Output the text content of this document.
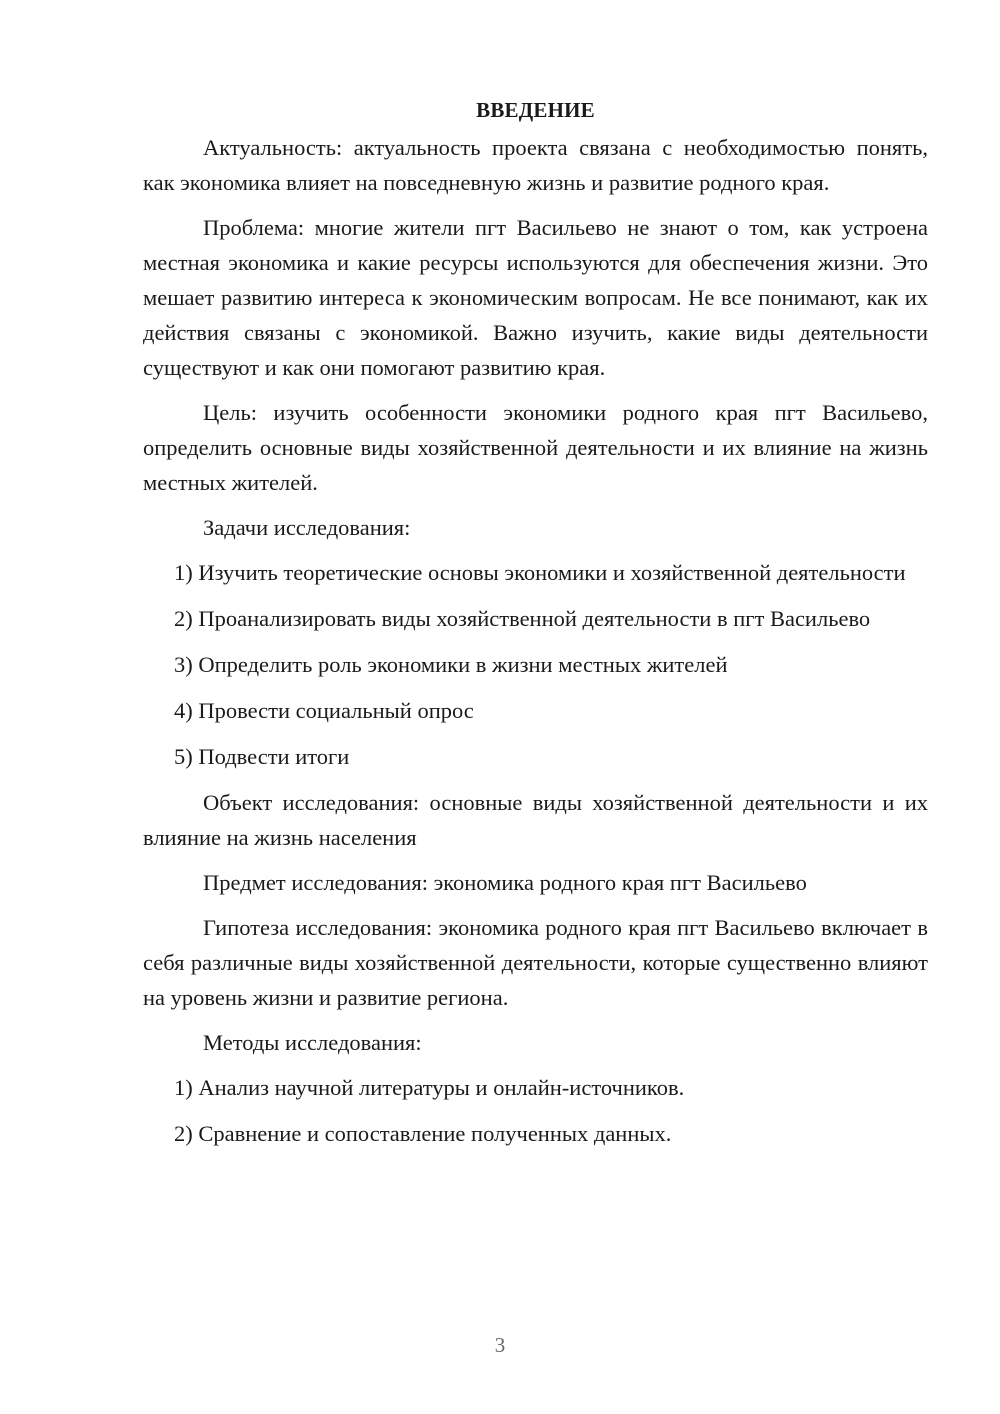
ВВЕДЕНИЕ

Актуальность: актуальность проекта связана с необходимостью понять, как экономика влияет на повседневную жизнь и развитие родного края.

Проблема: многие жители пгт Васильево не знают о том, как устроена местная экономика и какие ресурсы используются для обеспечения жизни. Это мешает развитию интереса к экономическим вопросам. Не все понимают, как их действия связаны с экономикой. Важно изучить, какие виды деятельности существуют и как они помогают развитию края.

Цель: изучить особенности экономики родного края пгт Васильево, определить основные виды хозяйственной деятельности и их влияние на жизнь местных жителей.

Задачи исследования:

1) Изучить теоретические основы экономики и хозяйственной деятельности

2) Проанализировать виды хозяйственной деятельности в пгт Васильево

3) Определить роль экономики в жизни местных жителей

4) Провести социальный опрос

5) Подвести итоги

Объект исследования: основные виды хозяйственной деятельности и их влияние на жизнь населения

Предмет исследования: экономика родного края пгт Васильево

Гипотеза исследования: экономика родного края пгт Васильево включает в себя различные виды хозяйственной деятельности, которые существенно влияют на уровень жизни и развитие региона.

Методы исследования:

1) Анализ научной литературы и онлайн-источников.

2) Сравнение и сопоставление полученных данных.

3
